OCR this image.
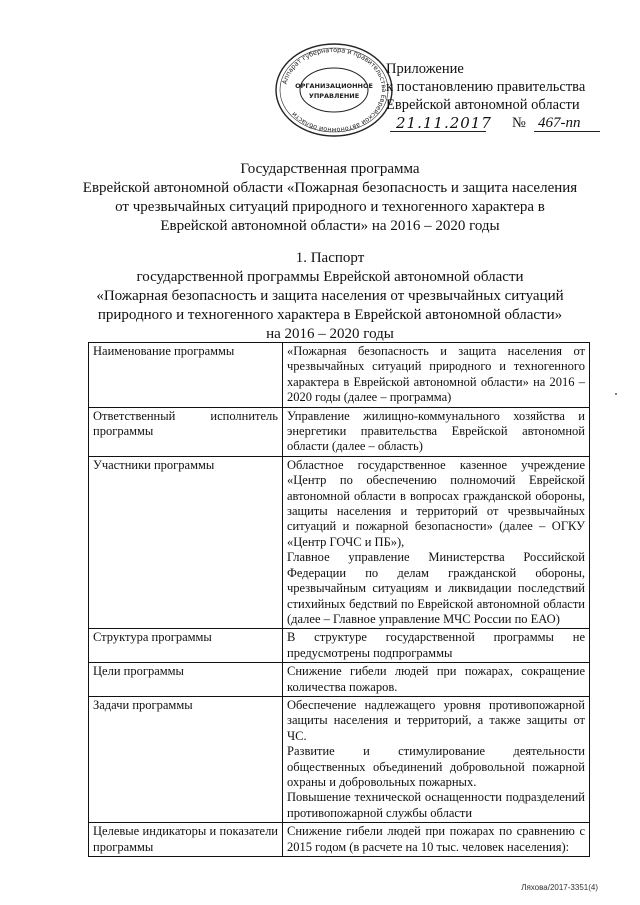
Аппарат губернатора и правительства Еврейской автономной области
ОРГАНИЗАЦИОННОЕ
УПРАВЛЕНИЕ
Приложение
к постановлению правительства
Еврейской автономной области
21.11.2017 № 467-пп
Государственная программа
Еврейской автономной области «Пожарная безопасность и защита населения
от чрезвычайных ситуаций природного и техногенного характера в
Еврейской автономной области» на 2016 – 2020 годы
1. Паспорт
государственной программы Еврейской автономной области
«Пожарная безопасность и защита населения от чрезвычайных ситуаций
природного и техногенного характера в Еврейской автономной области»
на 2016 – 2020 годы
Наименование программы	«Пожарная безопасность и защита населения от чрезвычайных ситуаций природного и техногенного характера в Еврейской автономной области» на 2016 – 2020 годы (далее – программа)
Ответственный исполнитель программы	Управление жилищно-коммунального хозяйства и энергетики правительства Еврейской автономной области (далее – область)
Участники программы	Областное государственное казенное учреждение «Центр по обеспечению полномочий Еврейской автономной области в вопросах гражданской обороны, защиты населения и территорий от чрезвычайных ситуаций и пожарной безопасности» (далее – ОГКУ «Центр ГОЧС и ПБ»),
Главное управление Министерства Российской Федерации по делам гражданской обороны, чрезвычайным ситуациям и ликвидации последствий стихийных бедствий по Еврейской автономной области (далее – Главное управление МЧС России по ЕАО)

Структура программы	В структуре государственной программы не предусмотрены подпрограммы
Цели программы	Снижение гибели людей при пожарах, сокращение количества пожаров.
Задачи программы	Обеспечение надлежащего уровня противопожарной защиты населения и территорий, а также защиты от ЧС.
Развитие и стимулирование деятельности общественных объединений добровольной пожарной охраны и добровольных пожарных.
Повышение технической оснащенности подразделений противопожарной службы области

Целевые индикаторы и показатели программы	Снижение гибели людей при пожарах по сравнению с 2015 годом (в расчете на 10 тыс. человек населения):
Ляхова/2017-3351(4)
